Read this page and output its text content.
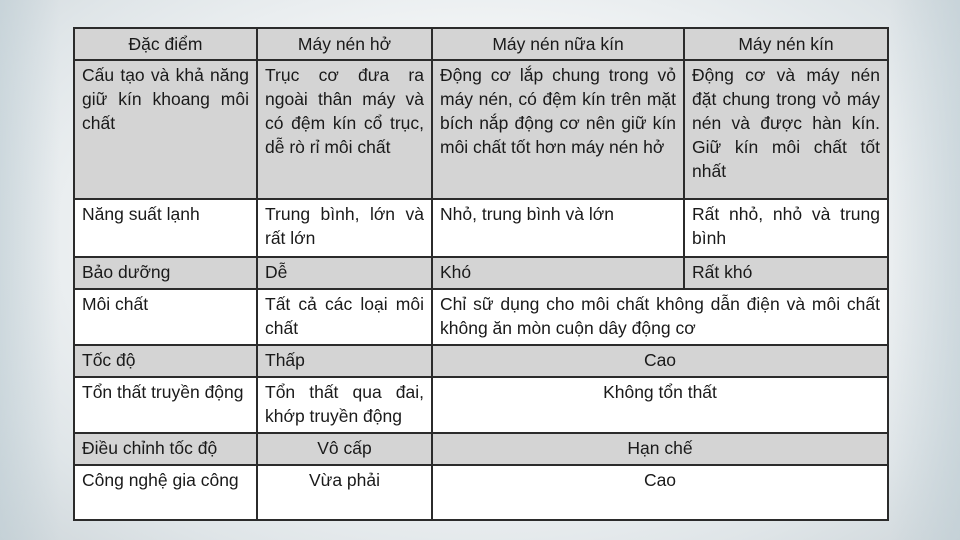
Đặc điểm	Máy nén hở	Máy nén nữa kín	Máy nén kín
Cấu tạo và khả năng giữ kín khoang môi chất	Trục cơ đưa ra ngoài thân máy và có đệm kín cổ trục, dễ rò rỉ môi chất	Động cơ lắp chung trong vỏ máy nén, có đệm kín trên mặt bích nắp động cơ nên giữ kín môi chất tốt hơn máy nén hở	Động cơ và máy nén đặt chung trong vỏ máy nén và được hàn kín. Giữ kín môi chất tốt nhất
Năng suất lạnh	Trung bình, lớn và rất lớn	Nhỏ, trung bình và lớn	Rất nhỏ, nhỏ và trung bình
Bảo dưỡng	Dễ	Khó	Rất khó
Môi chất	Tất cả các loại môi chất	Chỉ sữ dụng cho môi chất không dẫn điện và môi chất không ăn mòn cuộn dây động cơ	
Tốc độ	Thấp	Cao	
Tổn thất truyền động	Tổn thất qua đai, khớp truyền động	Không tổn thất	
Điều chỉnh tốc độ	Vô cấp	Hạn chế	
Công nghệ gia công	Vừa phải	Cao	
